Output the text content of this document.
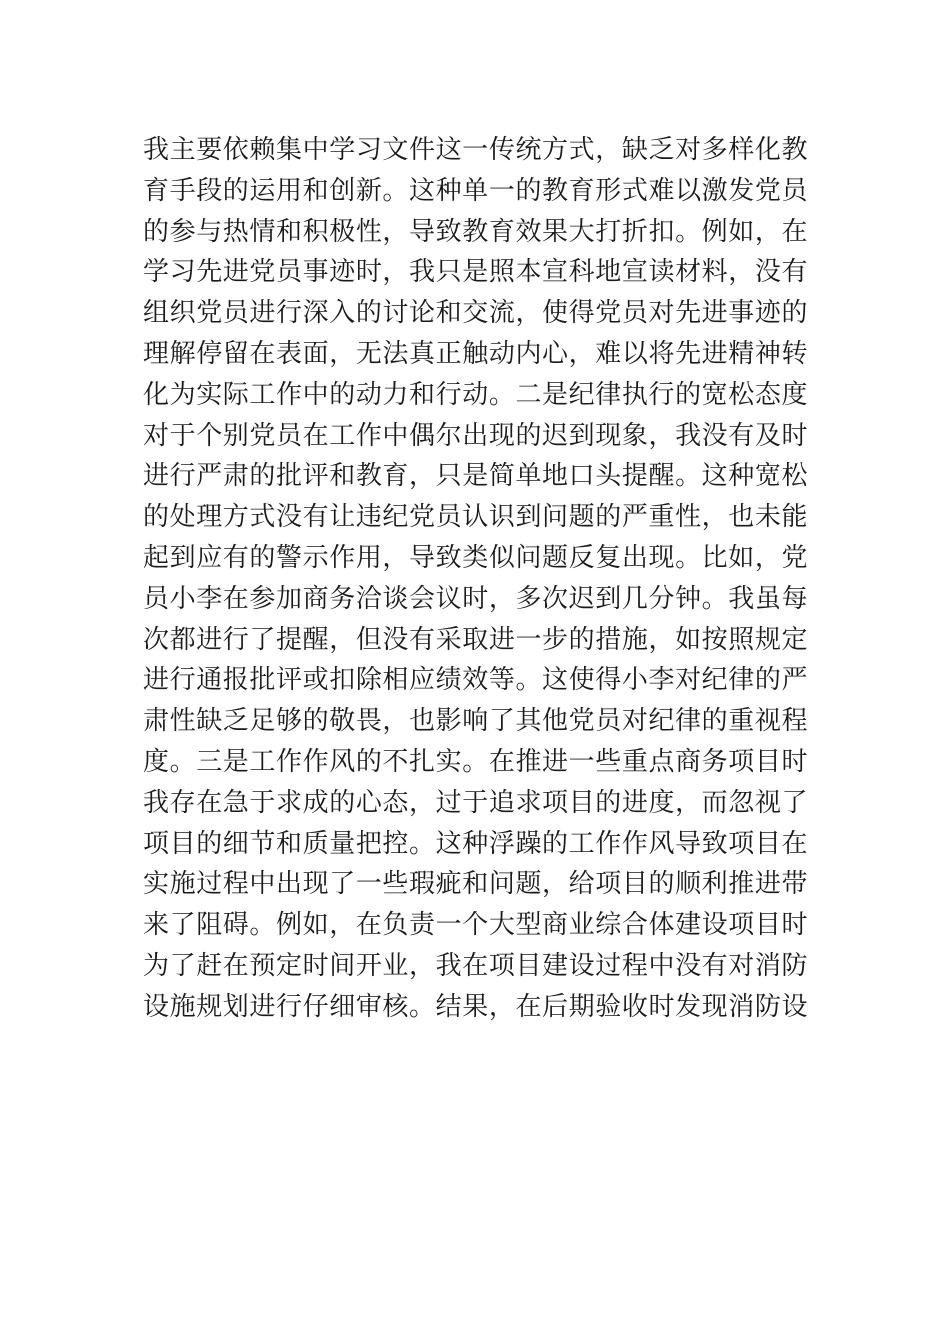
我主要依赖集中学习文件这一传统方式，缺乏对多样化教
育手段的运用和创新。这种单一的教育形式难以激发党员
的参与热情和积极性，导致教育效果大打折扣。例如，在
学习先进党员事迹时，我只是照本宣科地宣读材料，没有
组织党员进行深入的讨论和交流，使得党员对先进事迹的
理解停留在表面，无法真正触动内心，难以将先进精神转
化为实际工作中的动力和行动。二是纪律执行的宽松态度
对于个别党员在工作中偶尔出现的迟到现象，我没有及时
进行严肃的批评和教育，只是简单地口头提醒。这种宽松
的处理方式没有让违纪党员认识到问题的严重性，也未能
起到应有的警示作用，导致类似问题反复出现。比如，党
员小李在参加商务洽谈会议时，多次迟到几分钟。我虽每
次都进行了提醒，但没有采取进一步的措施，如按照规定
进行通报批评或扣除相应绩效等。这使得小李对纪律的严
肃性缺乏足够的敬畏，也影响了其他党员对纪律的重视程
度。三是工作作风的不扎实。在推进一些重点商务项目时
我存在急于求成的心态，过于追求项目的进度，而忽视了
项目的细节和质量把控。这种浮躁的工作作风导致项目在
实施过程中出现了一些瑕疵和问题，给项目的顺利推进带
来了阻碍。例如，在负责一个大型商业综合体建设项目时
为了赶在预定时间开业，我在项目建设过程中没有对消防
设施规划进行仔细审核。结果，在后期验收时发现消防设
